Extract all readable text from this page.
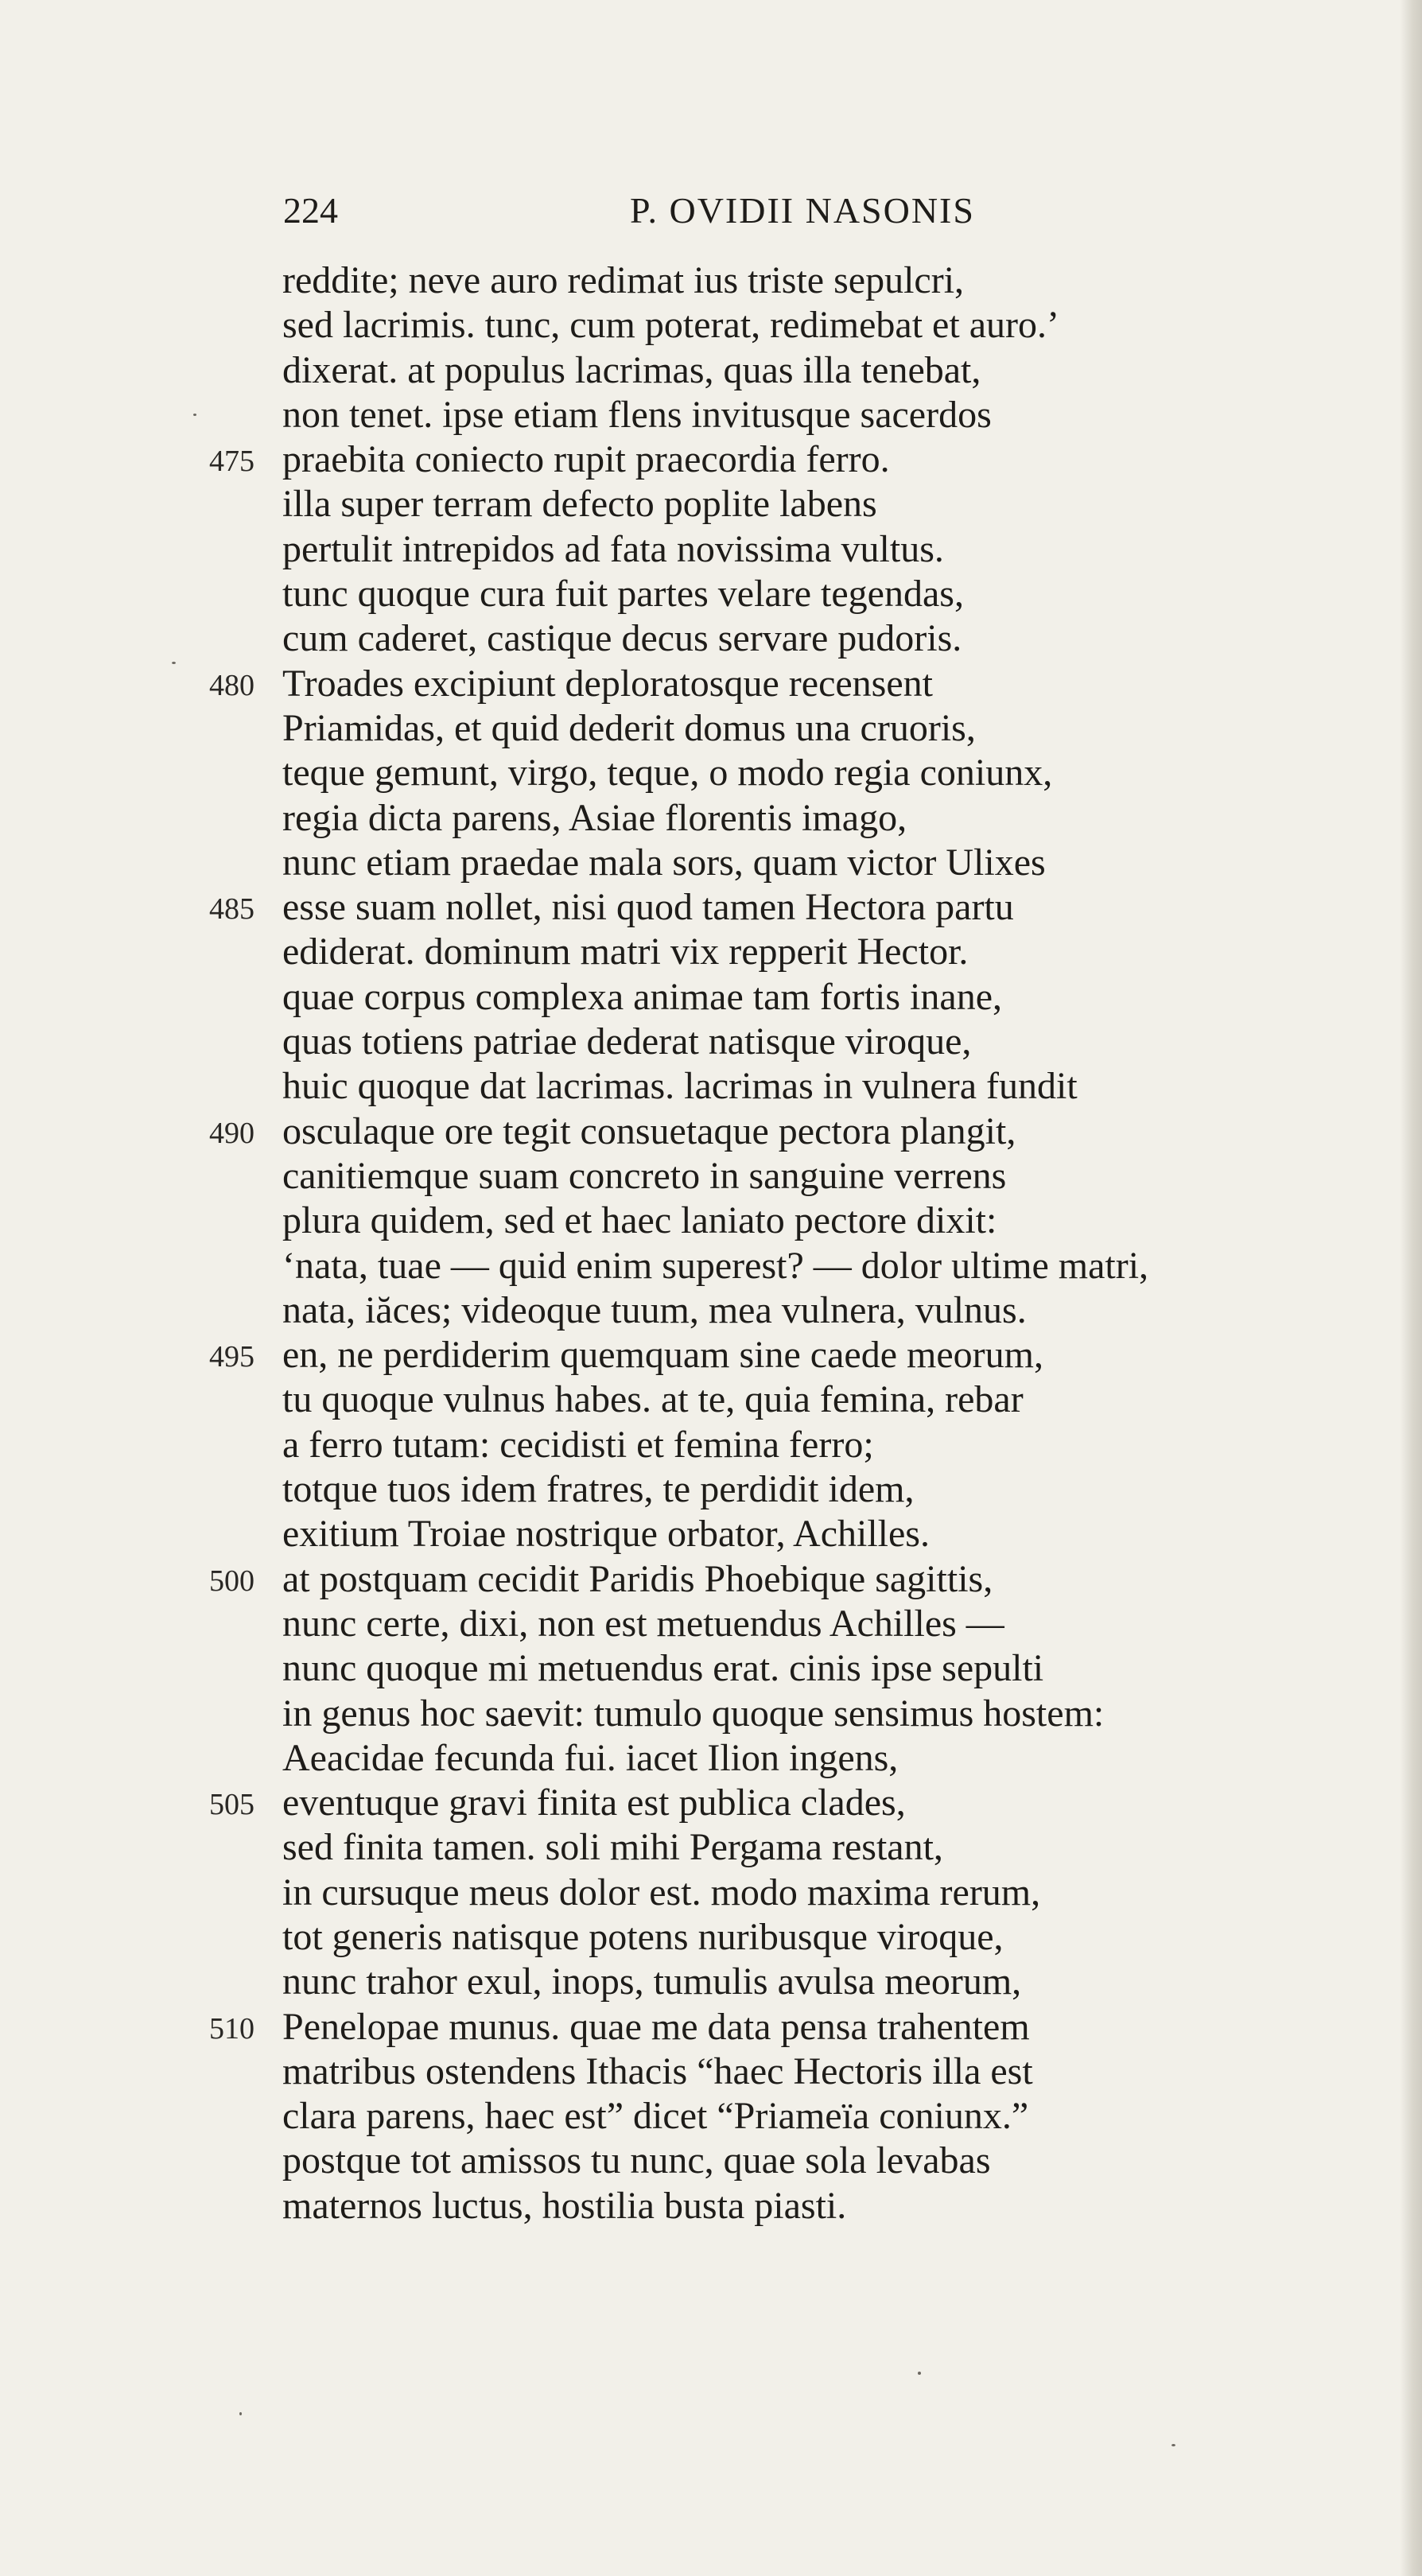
224	P. OVIDII NASONIS
reddite; neve auro redimat ius triste sepulcri,
sed lacrimis. tunc, cum poterat, redimebat et auro.’
dixerat. at populus lacrimas, quas illa tenebat,
non tenet. ipse etiam flens invitusque sacerdos
475 praebita coniecto rupit praecordia ferro.
illa super terram defecto poplite labens
pertulit intrepidos ad fata novissima vultus.
tunc quoque cura fuit partes velare tegendas,
cum caderet, castique decus servare pudoris.
480 Troades excipiunt deploratosque recensent
Priamidas, et quid dederit domus una cruoris,
teque gemunt, virgo, teque, o modo regia coniunx,
regia dicta parens, Asiae florentis imago,
nunc etiam praedae mala sors, quam victor Ulixes
485 esse suam nollet, nisi quod tamen Hectora partu
ediderat. dominum matri vix repperit Hector.
quae corpus complexa animae tam fortis inane,
quas totiens patriae dederat natisque viroque,
huic quoque dat lacrimas. lacrimas in vulnera fundit
490 osculaque ore tegit consuetaque pectora plangit,
canitiemque suam concreto in sanguine verrens
plura quidem, sed et haec laniato pectore dixit:
‘nata, tuae — quid enim superest? — dolor ultime matri,
nata, iăces; videoque tuum, mea vulnera, vulnus.
495 en, ne perdiderim quemquam sine caede meorum,
tu quoque vulnus habes. at te, quia femina, rebar
a ferro tutam: cecidisti et femina ferro;
totque tuos idem fratres, te perdidit idem,
exitium Troiae nostrique orbator, Achilles.
500 at postquam cecidit Paridis Phoebique sagittis,
nunc certe, dixi, non est metuendus Achilles —
nunc quoque mi metuendus erat. cinis ipse sepulti
in genus hoc saevit: tumulo quoque sensimus hostem:
Aeacidae fecunda fui. iacet Ilion ingens,
505 eventuque gravi finita est publica clades,
sed finita tamen. soli mihi Pergama restant,
in cursuque meus dolor est. modo maxima rerum,
tot generis natisque potens nuribusque viroque,
nunc trahor exul, inops, tumulis avulsa meorum,
510 Penelopae munus. quae me data pensa trahentem
matribus ostendens Ithacis “haec Hectoris illa est
clara parens, haec est” dicet “Priameïa coniunx.”
postque tot amissos tu nunc, quae sola levabas
maternos luctus, hostilia busta piasti.
